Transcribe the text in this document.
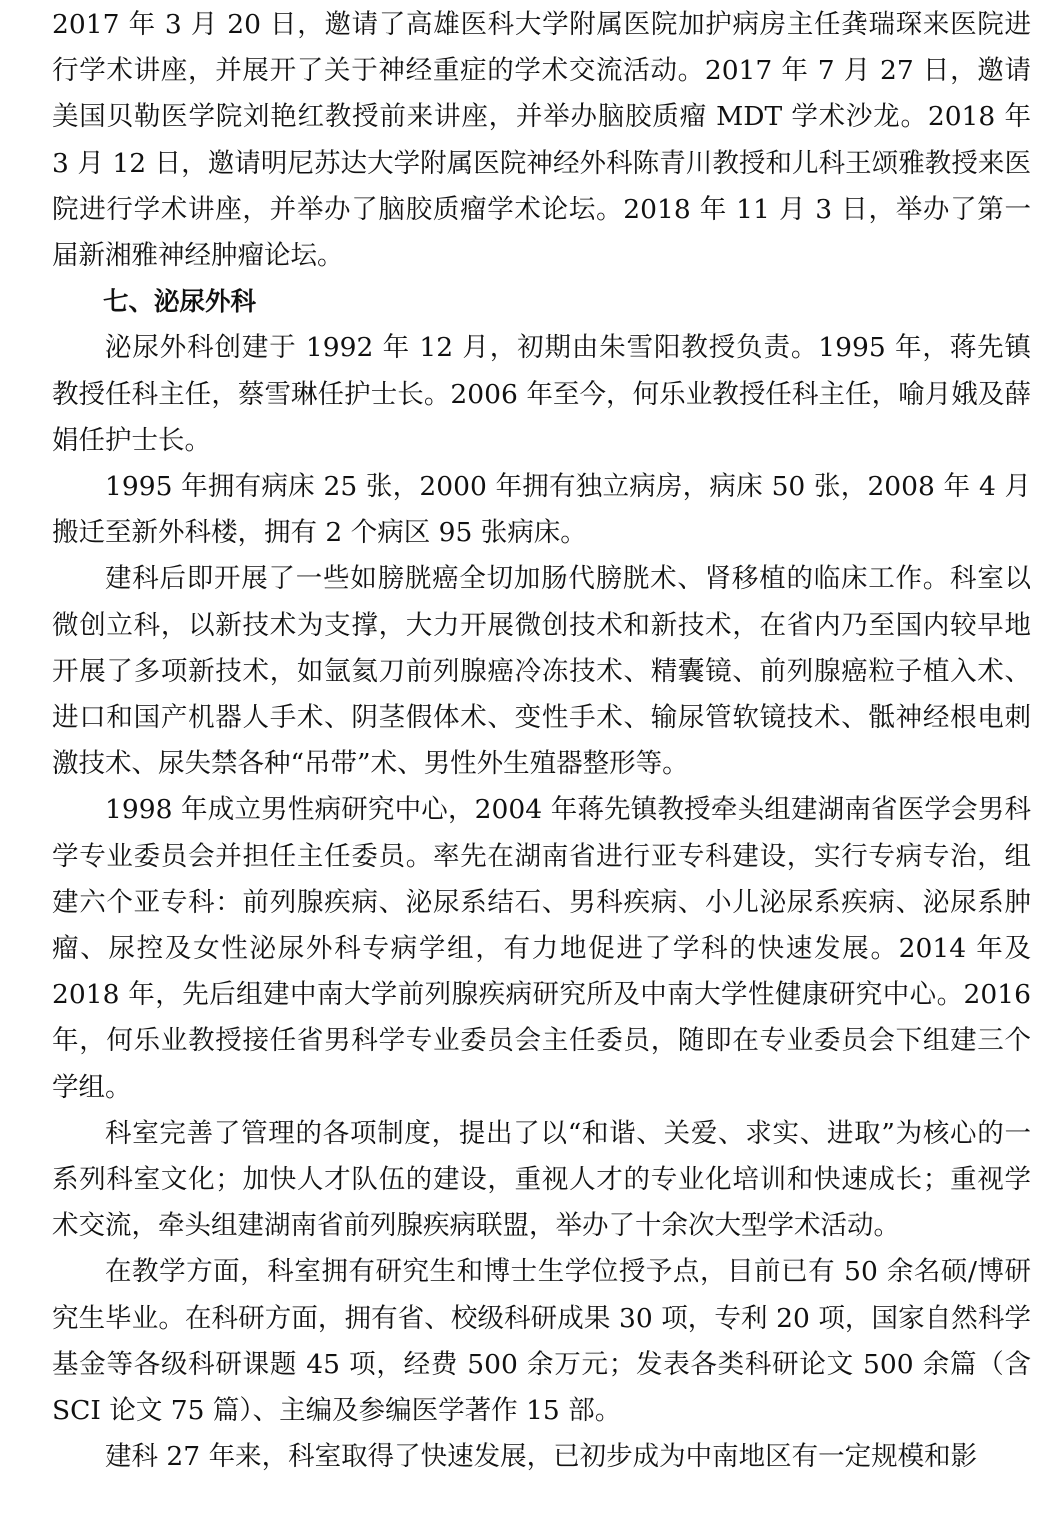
2017 年 3 月 20 日，邀请了高雄医科大学附属医院加护病房主任龚瑞琛来医院进行学术讲座，并展开了关于神经重症的学术交流活动。2017 年 7 月 27 日，邀请美国贝勒医学院刘艳红教授前来讲座，并举办脑胶质瘤 MDT 学术沙龙。2018 年 3 月 12 日，邀请明尼苏达大学附属医院神经外科陈青川教授和儿科王颂雅教授来医院进行学术讲座，并举办了脑胶质瘤学术论坛。2018 年 11 月 3 日，举办了第一届新湘雅神经肿瘤论坛。

七、泌尿外科

泌尿外科创建于 1992 年 12 月，初期由朱雪阳教授负责。1995 年，蒋先镇教授任科主任，蔡雪琳任护士长。2006 年至今，何乐业教授任科主任，喻月娥及薛娟任护士长。

1995 年拥有病床 25 张，2000 年拥有独立病房，病床 50 张，2008 年 4 月搬迁至新外科楼，拥有 2 个病区 95 张病床。

建科后即开展了一些如膀胱癌全切加肠代膀胱术、肾移植的临床工作。科室以微创立科，以新技术为支撑，大力开展微创技术和新技术，在省内乃至国内较早地开展了多项新技术，如氩氦刀前列腺癌冷冻技术、精囊镜、前列腺癌粒子植入术、进口和国产机器人手术、阴茎假体术、变性手术、输尿管软镜技术、骶神经根电刺激技术、尿失禁各种“吊带”术、男性外生殖器整形等。

1998 年成立男性病研究中心，2004 年蒋先镇教授牵头组建湖南省医学会男科学专业委员会并担任主任委员。率先在湖南省进行亚专科建设，实行专病专治，组建六个亚专科：前列腺疾病、泌尿系结石、男科疾病、小儿泌尿系疾病、泌尿系肿瘤、尿控及女性泌尿外科专病学组，有力地促进了学科的快速发展。2014 年及 2018 年，先后组建中南大学前列腺疾病研究所及中南大学性健康研究中心。2016 年，何乐业教授接任省男科学专业委员会主任委员，随即在专业委员会下组建三个学组。

科室完善了管理的各项制度，提出了以“和谐、关爱、求实、进取”为核心的一系列科室文化；加快人才队伍的建设，重视人才的专业化培训和快速成长；重视学术交流，牵头组建湖南省前列腺疾病联盟，举办了十余次大型学术活动。

在教学方面，科室拥有研究生和博士生学位授予点，目前已有 50 余名硕/博研究生毕业。在科研方面，拥有省、校级科研成果 30 项，专利 20 项，国家自然科学基金等各级科研课题 45 项，经费 500 余万元；发表各类科研论文 500 余篇（含 SCI 论文 75 篇）、主编及参编医学著作 15 部。

建科 27 年来，科室取得了快速发展，已初步成为中南地区有一定规模和影
